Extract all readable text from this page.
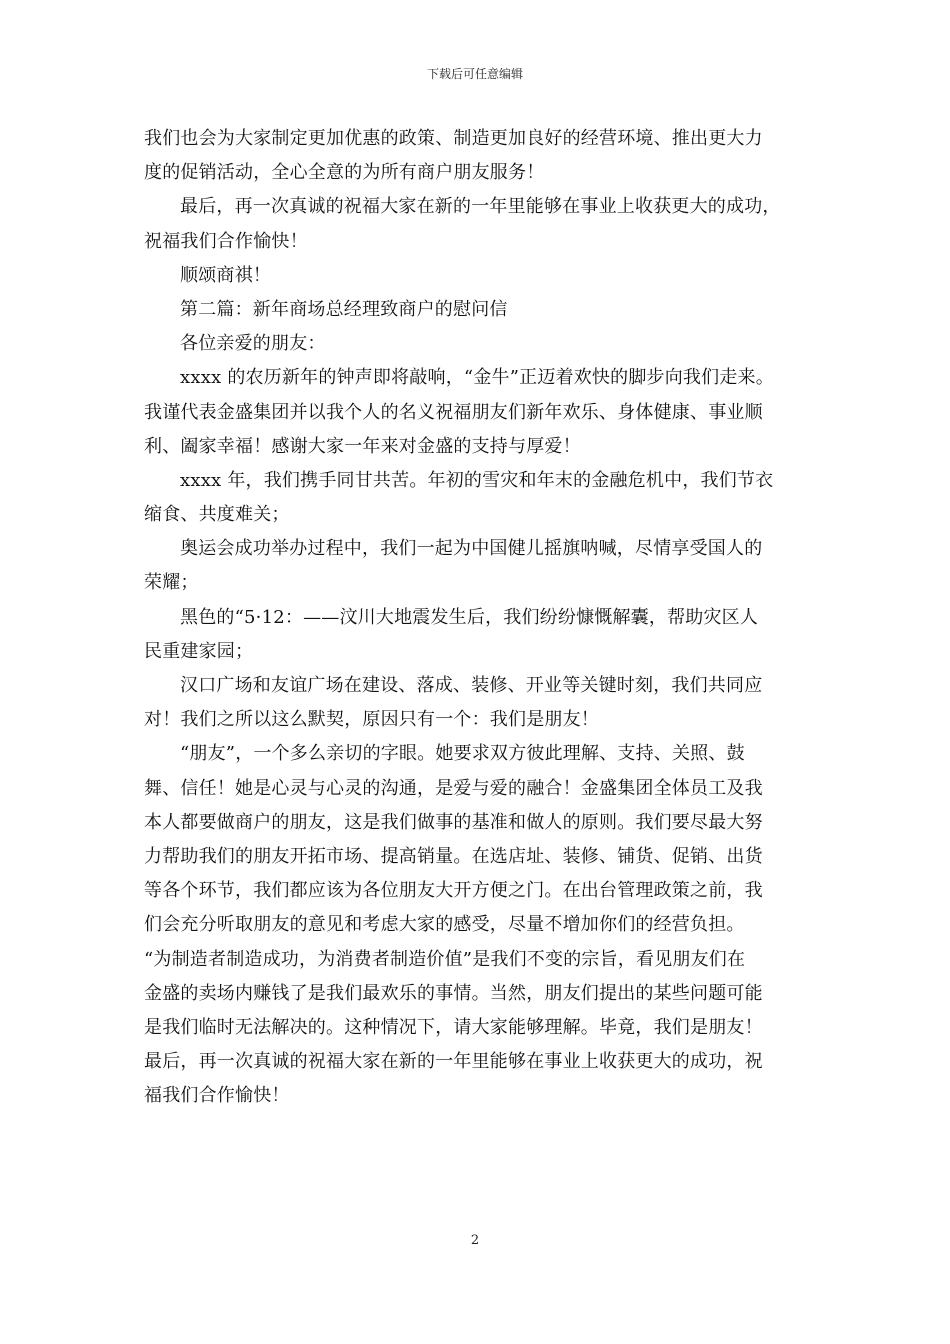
下载后可任意编辑
我们也会为大家制定更加优惠的政策、制造更加良好的经营环境、推出更大力
度的促销活动，全心全意的为所有商户朋友服务！
最后，再一次真诚的祝福大家在新的一年里能够在事业上收获更大的成功，
祝福我们合作愉快！
顺颂商祺！
第二篇：新年商场总经理致商户的慰问信
各位亲爱的朋友：
xxxx 的农历新年的钟声即将敲响，“金牛”正迈着欢快的脚步向我们走来。
我谨代表金盛集团并以我个人的名义祝福朋友们新年欢乐、身体健康、事业顺
利、阖家幸福！感谢大家一年来对金盛的支持与厚爱！
xxxx 年，我们携手同甘共苦。年初的雪灾和年末的金融危机中，我们节衣
缩食、共度难关；
奥运会成功举办过程中，我们一起为中国健儿摇旗呐喊，尽情享受国人的
荣耀；
黑色的“5·12：——汶川大地震发生后，我们纷纷慷慨解囊，帮助灾区人
民重建家园；
汉口广场和友谊广场在建设、落成、装修、开业等关键时刻，我们共同应
对！我们之所以这么默契，原因只有一个：我们是朋友！
“朋友”，一个多么亲切的字眼。她要求双方彼此理解、支持、关照、鼓
舞、信任！她是心灵与心灵的沟通，是爱与爱的融合！金盛集团全体员工及我
本人都要做商户的朋友，这是我们做事的基准和做人的原则。我们要尽最大努
力帮助我们的朋友开拓市场、提高销量。在选店址、装修、铺货、促销、出货
等各个环节，我们都应该为各位朋友大开方便之门。在出台管理政策之前，我
们会充分听取朋友的意见和考虑大家的感受，尽量不增加你们的经营负担。
“为制造者制造成功，为消费者制造价值”是我们不变的宗旨，看见朋友们在
金盛的卖场内赚钱了是我们最欢乐的事情。当然，朋友们提出的某些问题可能
是我们临时无法解决的。这种情况下，请大家能够理解。毕竟，我们是朋友！
最后，再一次真诚的祝福大家在新的一年里能够在事业上收获更大的成功，祝
福我们合作愉快！
2
